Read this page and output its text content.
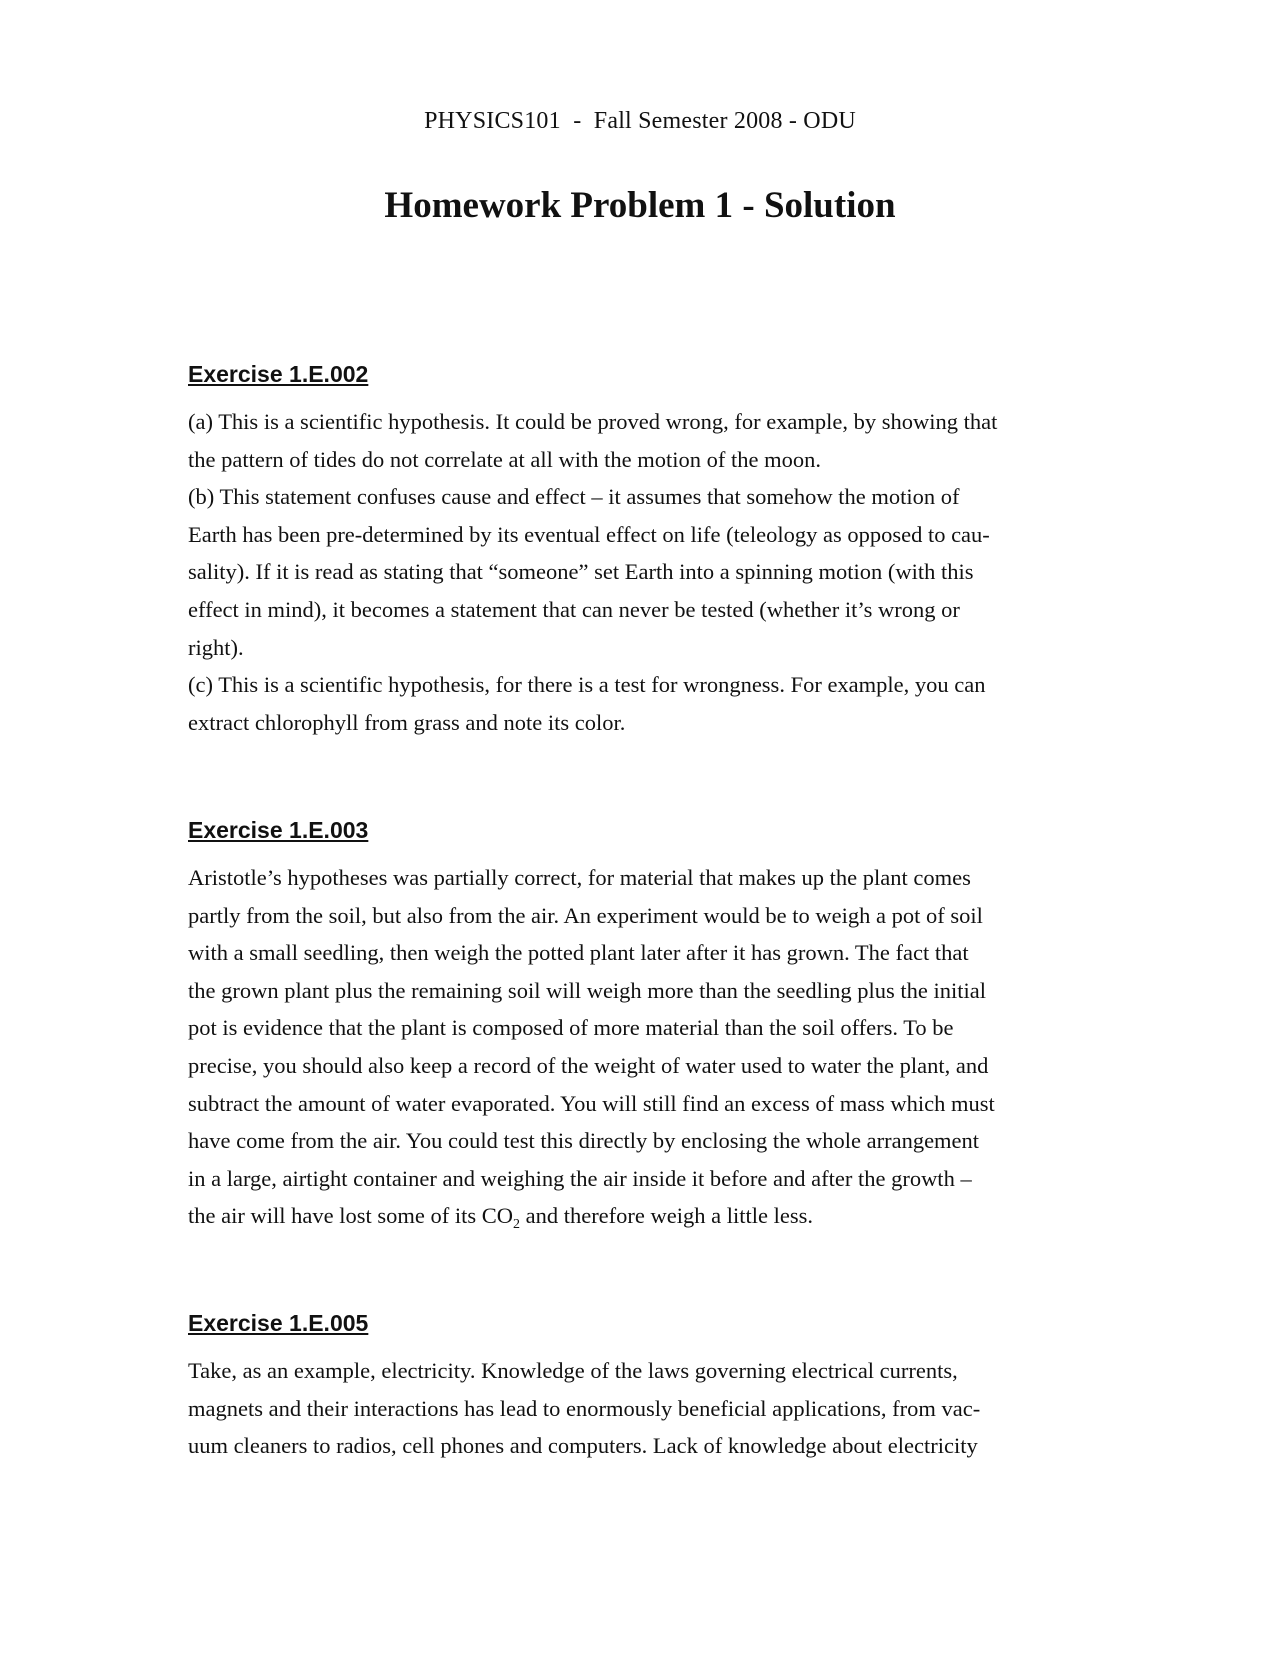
PHYSICS101  -  Fall Semester 2008 - ODU
Homework Problem 1 - Solution
Exercise 1.E.002
(a) This is a scientific hypothesis. It could be proved wrong, for example, by showing that
the pattern of tides do not correlate at all with the motion of the moon.
(b) This statement confuses cause and effect – it assumes that somehow the motion of
Earth has been pre-determined by its eventual effect on life (teleology as opposed to cau-
sality). If it is read as stating that “someone” set Earth into a spinning motion (with this
effect in mind), it becomes a statement that can never be tested (whether it’s wrong or
right).
(c) This is a scientific hypothesis, for there is a test for wrongness. For example, you can
extract chlorophyll from grass and note its color.
Exercise 1.E.003
Aristotle’s hypotheses was partially correct, for material that makes up the plant comes
partly from the soil, but also from the air. An experiment would be to weigh a pot of soil
with a small seedling, then weigh the potted plant later after it has grown. The fact that
the grown plant plus the remaining soil will weigh more than the seedling plus the initial
pot is evidence that the plant is composed of more material than the soil offers. To be
precise, you should also keep a record of the weight of water used to water the plant, and
subtract the amount of water evaporated. You will still find an excess of mass which must
have come from the air. You could test this directly by enclosing the whole arrangement
in a large, airtight container and weighing the air inside it before and after the growth –
the air will have lost some of its $CO_2$ and therefore weigh a little less.
Exercise 1.E.005
Take, as an example, electricity. Knowledge of the laws governing electrical currents,
magnets and their interactions has lead to enormously beneficial applications, from vac-
uum cleaners to radios, cell phones and computers. Lack of knowledge about electricity
